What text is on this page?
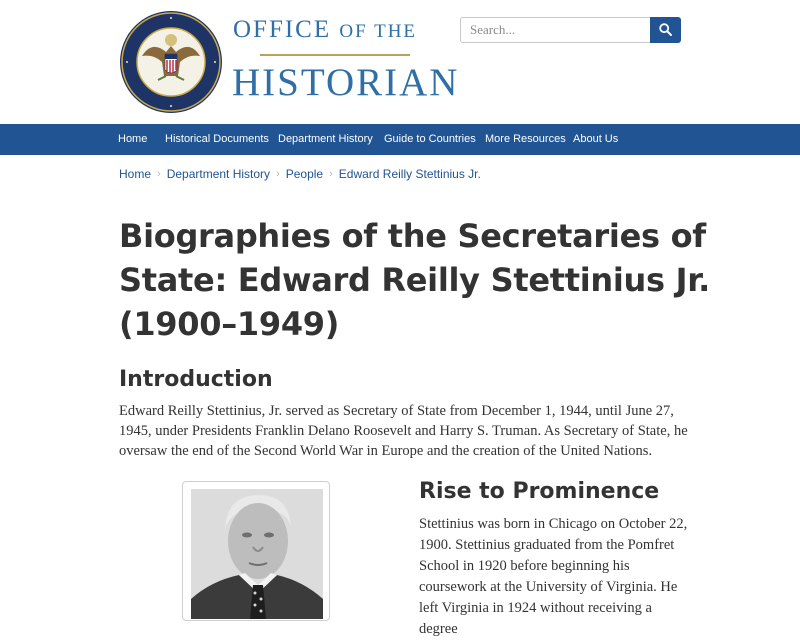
OFFICE OF THE
HISTORIAN
Search...
Home Historical Documents Department History Guide to Countries More Resources About Us
Home › Department History › People › Edward Reilly Stettinius Jr.
Biographies of the Secretaries of State: Edward Reilly Stettinius Jr. (1900–1949)
Introduction

Edward Reilly Stettinius, Jr. served as Secretary of State from December 1, 1944, until June 27, 1945, under Presidents Franklin Delano Roosevelt and Harry S. Truman. As Secretary of State, he oversaw the end of the Second World War in Europe and the creation of the United Nations.

Rise to Prominence

Stettinius was born in Chicago on October 22, 1900. Stettinius graduated from the Pomfret School in 1920 before beginning his coursework at the University of Virginia. He left Virginia in 1924 without receiving a degree
